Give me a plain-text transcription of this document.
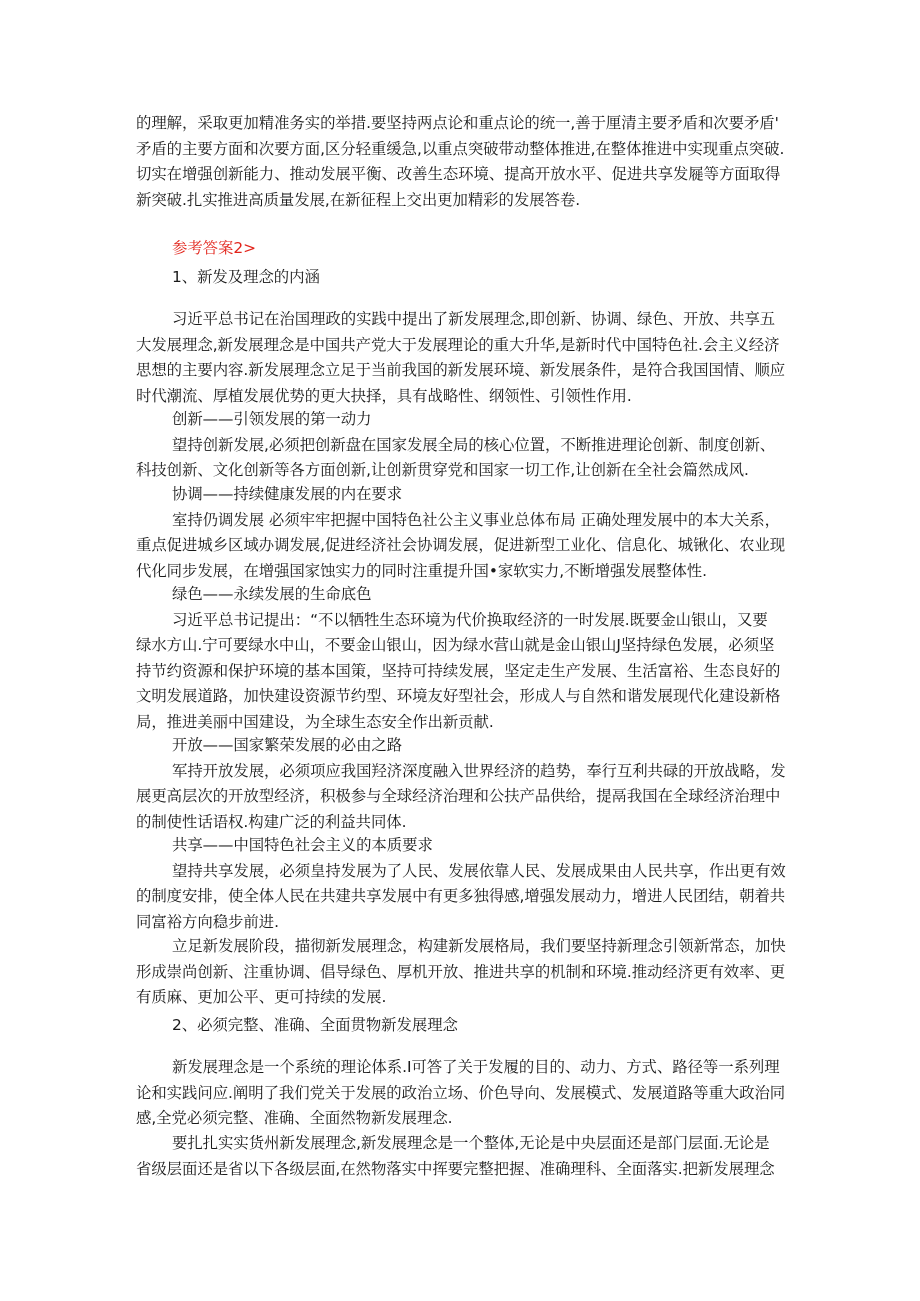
的理解，采取更加精准务实的举措.要坚持两点论和重点论的统一,善于厘清主要矛盾和次要矛盾'
矛盾的主要方面和次要方面,区分轻重缓急,以重点突破带动整体推进,在整体推进中实现重点突破.
切实在增强创新能力、推动发展平衡、改善生态环境、提高开放水平、促进共享发屣等方面取得
新突破.扎实推进高质量发展,在新征程上交出更加精彩的发展答卷.
参考答案2>
1、新发及理念的内涵
习近平总书记在治国理政的实践中提出了新发展理念,即创新、协调、绿色、开放、共享五
大发展理念,新发展理念是中国共产党大于发展理论的重大升华,是新时代中国特色社.会主义经济
思想的主要内容.新发展理念立足于当前我国的新发展环境、新发展条件，是符合我国国情、顺应
时代潮流、厚植发展优势的更大抉择，具有战略性、纲领性、引领性作用.
创新——引领发展的第一动力
望持创新发展,必须把创新盘在国家发展全局的核心位置，不断推进理论创新、制度创新、
科技创新、文化创新等各方面创新,让创新贯穿党和国家一切工作,让创新在全社会篇然成风.
协调——持续健康发展的内在要求
室持仍调发展 必须牢牢把握中国特色社公主义事业总体布局 正确处理发展中的本大关系，
重点促进城乡区域办调发展,促进经济社会协调发展，促进新型工业化、信息化、城锹化、农业现
代化同步发展，在增强国家蚀实力的同时注重提升国•家软实力,不断增强发展整体性.
绿色——永续发展的生命底色
习近平总书记提出：“不以牺牲生态环境为代价换取经济的一时发展.既要金山银山，又要
绿水方山.宁可要绿水中山，不要金山银山，因为绿水营山就是金山银山J坚持绿色发展，必须坚
持节约资源和保护环境的基本国策，坚持可持续发展，坚定走生产发展、生活富裕、生态良好的
文明发展道路，加快建设资源节约型、环境友好型社会，形成人与自然和谐发展现代化建设新格
局，推进美丽中国建设，为全球生态安全作出新贡献.
开放——国家繁荣发展的必由之路
军持开放发展，必须项应我国羟济深度融入世界经济的趋势，奉行互利共碌的开放战略，发
展更高层次的开放型经济，积极参与全球经济治理和公扶产品供给，提鬲我国在全球经济治理中
的制使性话语权.构建广泛的利益共同体.
共享——中国特色社会主义的本质要求
望持共享发展，必须皇持发展为了人民、发展依靠人民、发展成果由人民共享，作出更有效
的制度安排，使全体人民在共建共享发展中有更多独得感,增强发展动力，增进人民团结，朝着共
同富裕方向稳步前进.
立足新发展阶段，描彻新发展理念，构建新发展格局，我们要坚持新理念引领新常态，加快
形成崇尚创新、注重协调、倡导绿色、厚机开放、推进共享的机制和环境.推动经济更有效率、更
有质麻、更加公平、更可持续的发展.
2、必须完整、准确、全面贯物新发展理念
新发展理念是一个系统的理论体系.I可答了关于发履的目的、动力、方式、路径等一系列理
论和实践问应.阐明了我们党关于发展的政治立场、价色导向、发展模式、发展道路等重大政治同
感,全党必须完整、准确、全面然物新发展理念.
要扎扎实实货州新发展理念,新发展理念是一个整体,无论是中央层面还是部门层面.无论是
省级层面还是省以下各级层面,在然物落实中挥要完整把握、准确理科、全面落实.把新发展理念
